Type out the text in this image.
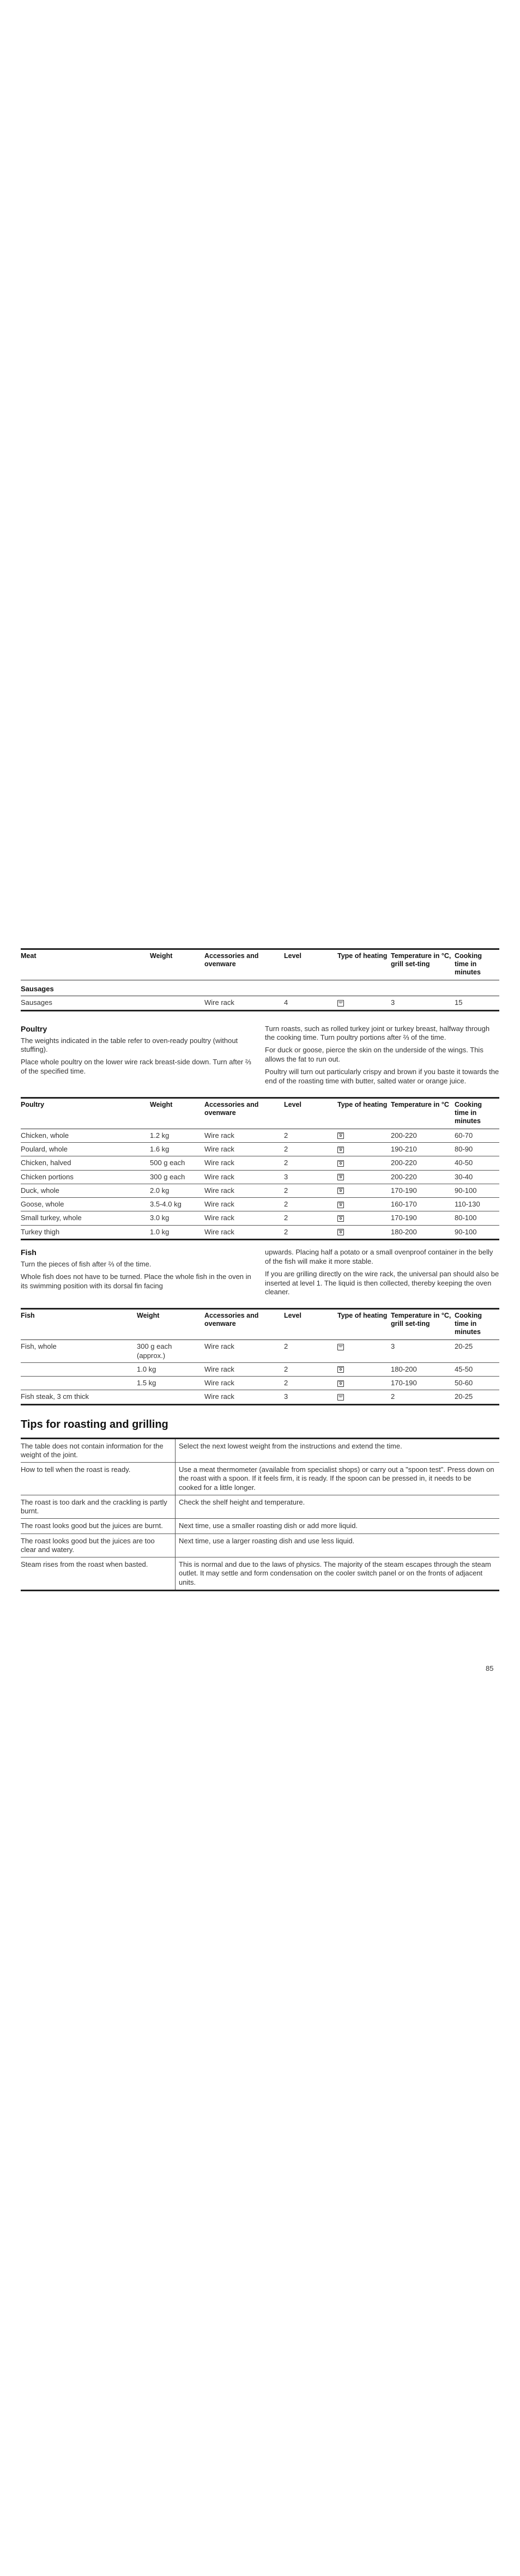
Meat	Weight	Accessories and ovenware	Level	Type of heating	Temperature in °C, grill set-ting	Cooking time in minutes
Sausages						
Sausages		Wire rack	4		3	15
Poultry

The weights indicated in the table refer to oven-ready poultry (without stuffing).

Place whole poultry on the lower wire rack breast-side down. Turn after ⅔ of the specified time.

Turn roasts, such as rolled turkey joint or turkey breast, halfway through the cooking time. Turn poultry portions after ⅔ of the time.

For duck or goose, pierce the skin on the underside of the wings. This allows the fat to run out.

Poultry will turn out particularly crispy and brown if you baste it towards the end of the roasting time with butter, salted water or orange juice.

Poultry	Weight	Accessories and ovenware	Level	Type of heating	Temperature in °C	Cooking time in minutes
Chicken, whole	1.2 kg	Wire rack	2		200-220	60-70
Poulard, whole	1.6 kg	Wire rack	2		190-210	80-90
Chicken, halved	500 g each	Wire rack	2		200-220	40-50
Chicken portions	300 g each	Wire rack	3		200-220	30-40
Duck, whole	2.0 kg	Wire rack	2		170-190	90-100
Goose, whole	3.5-4.0 kg	Wire rack	2		160-170	110-130
Small turkey, whole	3.0 kg	Wire rack	2		170-190	80-100
Turkey thigh	1.0 kg	Wire rack	2		180-200	90-100
Fish

Turn the pieces of fish after ⅔ of the time.

Whole fish does not have to be turned. Place the whole fish in the oven in its swimming position with its dorsal fin facing

upwards. Placing half a potato or a small ovenproof container in the belly of the fish will make it more stable.

If you are grilling directly on the wire rack, the universal pan should also be inserted at level 1. The liquid is then collected, thereby keeping the oven cleaner.

Fish	Weight	Accessories and ovenware	Level	Type of heating	Temperature in °C, grill set-ting	Cooking time in minutes
Fish, whole	300 g each (approx.)	Wire rack	2		3	20-25
	1.0 kg	Wire rack	2		180-200	45-50
	1.5 kg	Wire rack	2		170-190	50-60
Fish steak, 3 cm thick		Wire rack	3		2	20-25
Tips for roasting and grilling
The table does not contain information for the weight of the joint.	Select the next lowest weight from the instructions and extend the time.
How to tell when the roast is ready.	Use a meat thermometer (available from specialist shops) or carry out a "spoon test". Press down on the roast with a spoon. If it feels firm, it is ready. If the spoon can be pressed in, it needs to be cooked for a little longer.
The roast is too dark and the crackling is partly burnt.	Check the shelf height and temperature.
The roast looks good but the juices are burnt.	Next time, use a smaller roasting dish or add more liquid.
The roast looks good but the juices are too clear and watery.	Next time, use a larger roasting dish and use less liquid.
Steam rises from the roast when basted.	This is normal and due to the laws of physics. The majority of the steam escapes through the steam outlet. It may settle and form condensation on the cooler switch panel or on the fronts of adjacent units.
85
